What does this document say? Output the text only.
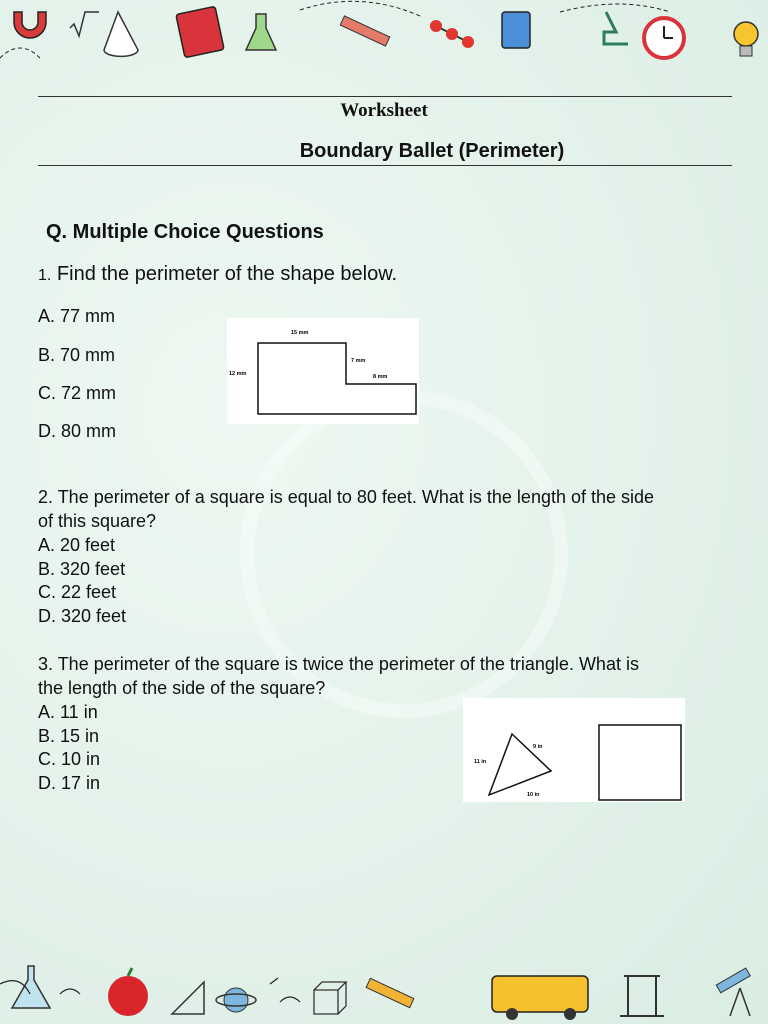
Worksheet
Boundary Ballet (Perimeter)
Q. Multiple Choice Questions
1. Find the perimeter of the shape below.
A. 77 mm
B. 70 mm
C. 72 mm
D. 80 mm
15 mm
7 mm
12 mm	8 mm
2. The perimeter of a square is equal to 80 feet. What is the length of the side
of this square?
A. 20 feet
B. 320 feet
C. 22 feet
D. 320 feet
3. The perimeter of the square is twice the perimeter of the triangle. What is
the length of the side of the square?
A. 11 in
B. 15 in
C. 10 in
D. 17 in
9 in
11 in
10 in
